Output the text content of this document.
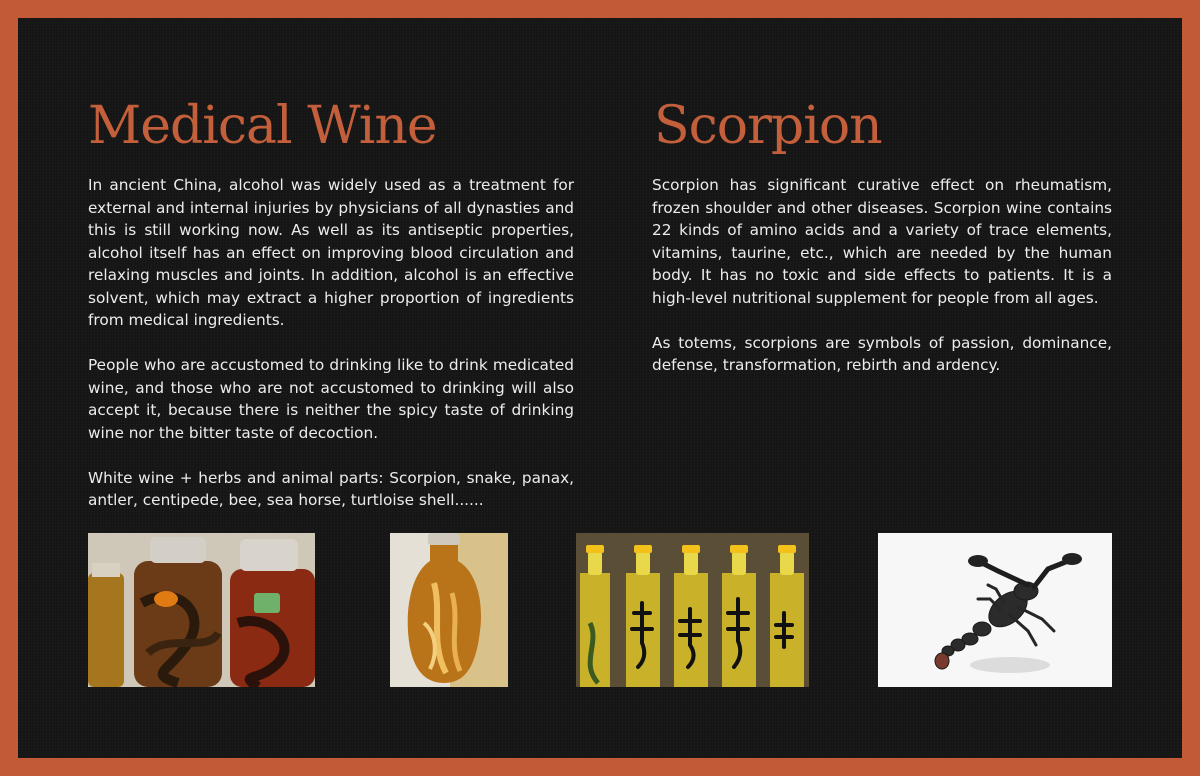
Medical Wine	Scorpion

In ancient China, alcohol was widely used as a treatment for external and internal injuries by physicians of all dynasties and this is still working now. As well as its antiseptic properties, alcohol itself has an effect on improving blood circulation and relaxing muscles and joints. In addition, alcohol is an effective solvent, which may extract a higher proportion of ingredients from medical ingredients.

People who are accustomed to drinking like to drink medicated wine, and those who are not accustomed to drinking will also accept it, because there is neither the spicy taste of drinking wine nor the bitter taste of decoction.

White wine + herbs and animal parts: Scorpion, snake, panax, antler, centipede, bee, sea horse, turtloise shell......

Scorpion has significant curative effect on rheumatism, frozen shoulder and other diseases. Scorpion wine contains 22 kinds of amino acids and a variety of trace elements, vitamins, taurine, etc., which are needed by the human body. It has no toxic and side effects to patients. It is a high-level nutritional supplement for people from all ages.

As totems, scorpions are symbols of passion, dominance, defense, transformation, rebirth and ardency.
